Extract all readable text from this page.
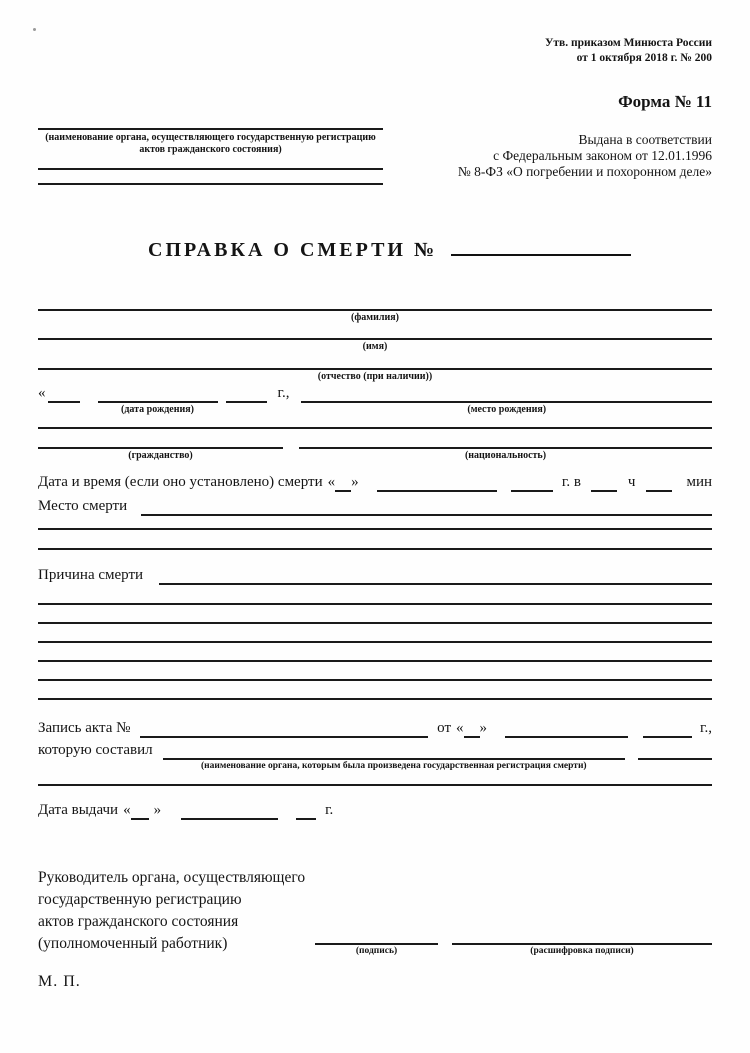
Утв. приказом Минюста России
от 1 октября 2018 г. № 200
Форма № 11
(наименование органа, осуществляющего государственную регистрацию актов гражданского состояния)
Выдана в соответствии
с Федеральным законом от 12.01.1996
№ 8-ФЗ «О погребении и похоронном деле»
СПРАВКА О СМЕРТИ №
(фамилия)
(имя)
(отчество (при наличии))
«
(дата рождения)
г.,
(место рождения)
(гражданство)	(национальность)
Дата и время (если оно установлено) смерти « »	г. в	ч	мин
Место смерти
Причина смерти
Запись акта №	от « »	г.,
которую составил
(наименование органа, которым была произведена государственная регистрация смерти)
Дата выдачи « »	г.
Руководитель органа, осуществляющего
государственную регистрацию
актов гражданского состояния
(уполномоченный работник)	(подпись)	(расшифровка подписи)
М. П.
